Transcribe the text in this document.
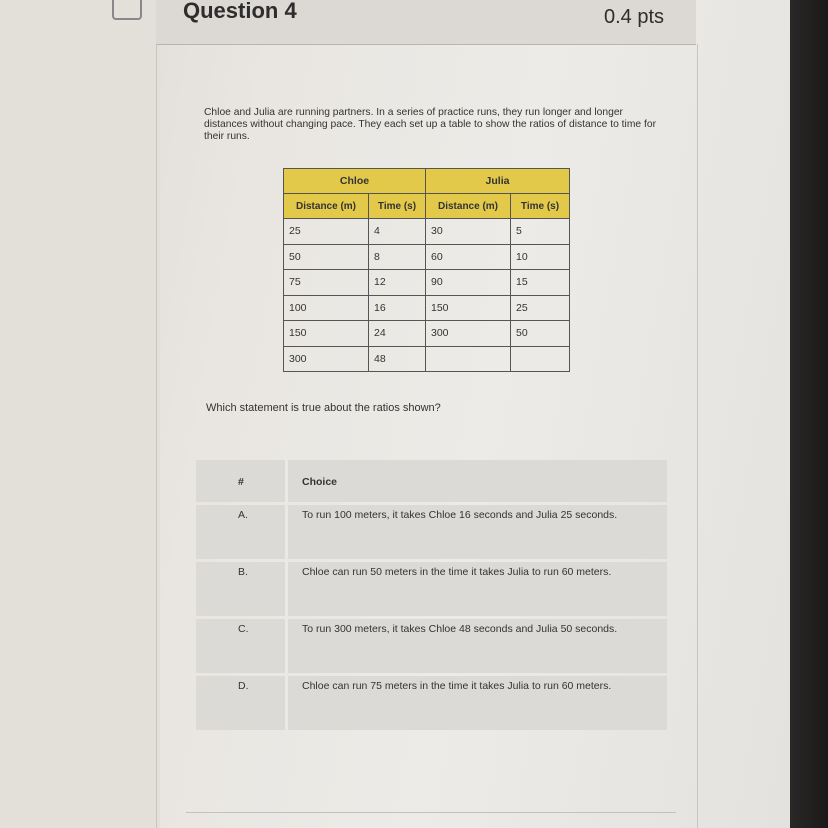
Question 4	0.4 pts
Chloe and Julia are running partners. In a series of practice runs, they run longer and longer distances without changing pace. They each set up a table to show the ratios of distance to time for their runs.
Chloe		Julia	
Distance (m)	Time (s)	Distance (m)	Time (s)
25	4	30	5
50	8	60	10
75	12	90	15
100	16	150	25
150	24	300	50
300	48		
Which statement is true about the ratios shown?
#	Choice
A.	To run 100 meters, it takes Chloe 16 seconds and Julia 25 seconds.
B.	Chloe can run 50 meters in the time it takes Julia to run 60 meters.
C.	To run 300 meters, it takes Chloe 48 seconds and Julia 50 seconds.
D.	Chloe can run 75 meters in the time it takes Julia to run 60 meters.
